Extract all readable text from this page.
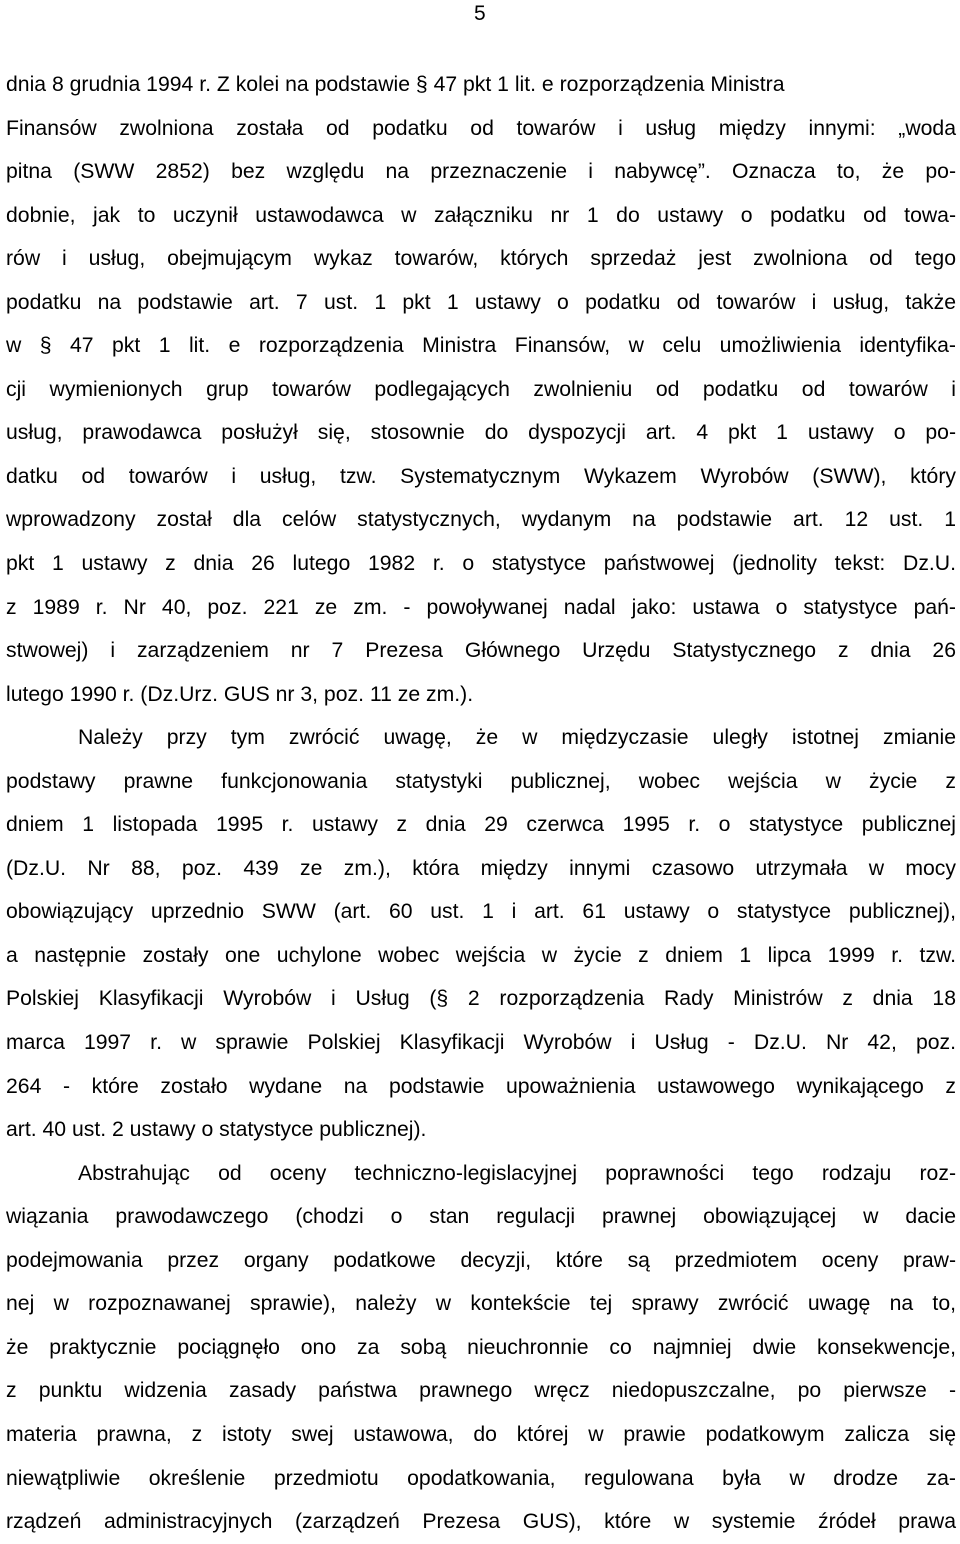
5
dnia 8 grudnia 1994 r. Z kolei na podstawie § 47 pkt 1 lit. e rozporządzenia Ministra
Finansów zwolniona została od podatku od towarów i usług między innymi: „woda
pitna (SWW 2852) bez względu na przeznaczenie i nabywcę”. Oznacza to, że po-
dobnie, jak to uczynił ustawodawca w załączniku nr 1 do ustawy o podatku od towa-
rów i usług, obejmującym wykaz towarów, których sprzedaż jest zwolniona od tego
podatku na podstawie art. 7 ust. 1 pkt 1 ustawy o podatku od towarów i usług, także
w § 47 pkt 1 lit. e rozporządzenia Ministra Finansów, w celu umożliwienia identyfika-
cji wymienionych grup towarów podlegających zwolnieniu od podatku od towarów i
usług, prawodawca posłużył się, stosownie do dyspozycji art. 4 pkt 1 ustawy o po-
datku od towarów i usług, tzw. Systematycznym Wykazem Wyrobów (SWW), który
wprowadzony został dla celów statystycznych, wydanym na podstawie art. 12 ust. 1
pkt 1 ustawy z dnia 26 lutego 1982 r. o statystyce państwowej (jednolity tekst: Dz.U.
z 1989 r. Nr 40, poz. 221 ze zm. - powoływanej nadal jako: ustawa o statystyce pań-
stwowej) i zarządzeniem nr 7 Prezesa Głównego Urzędu Statystycznego z dnia 26
lutego 1990 r. (Dz.Urz. GUS nr 3, poz. 11 ze zm.).
Należy przy tym zwrócić uwagę, że w międzyczasie uległy istotnej zmianie
podstawy prawne funkcjonowania statystyki publicznej, wobec wejścia w życie z
dniem 1 listopada 1995 r. ustawy z dnia 29 czerwca 1995 r. o statystyce publicznej
(Dz.U. Nr 88, poz. 439 ze zm.), która między innymi czasowo utrzymała w mocy
obowiązujący uprzednio SWW (art. 60 ust. 1 i art. 61 ustawy o statystyce publicznej),
a następnie zostały one uchylone wobec wejścia w życie z dniem 1 lipca 1999 r. tzw.
Polskiej Klasyfikacji Wyrobów i Usług (§ 2 rozporządzenia Rady Ministrów z dnia 18
marca 1997 r. w sprawie Polskiej Klasyfikacji Wyrobów i Usług - Dz.U. Nr 42, poz.
264 - które zostało wydane na podstawie upoważnienia ustawowego wynikającego z
art. 40 ust. 2 ustawy o statystyce publicznej).
Abstrahując od oceny techniczno-legislacyjnej poprawności tego rodzaju roz-
wiązania prawodawczego (chodzi o stan regulacji prawnej obowiązującej w dacie
podejmowania przez organy podatkowe decyzji, które są przedmiotem oceny praw-
nej w rozpoznawanej sprawie), należy w kontekście tej sprawy zwrócić uwagę na to,
że praktycznie pociągnęło ono za sobą nieuchronnie co najmniej dwie konsekwencje,
z punktu widzenia zasady państwa prawnego wręcz niedopuszczalne, po pierwsze -
materia prawna, z istoty swej ustawowa, do której w prawie podatkowym zalicza się
niewątpliwie określenie przedmiotu opodatkowania, regulowana była w drodze za-
rządzeń administracyjnych (zarządzeń Prezesa GUS), które w systemie źródeł prawa
